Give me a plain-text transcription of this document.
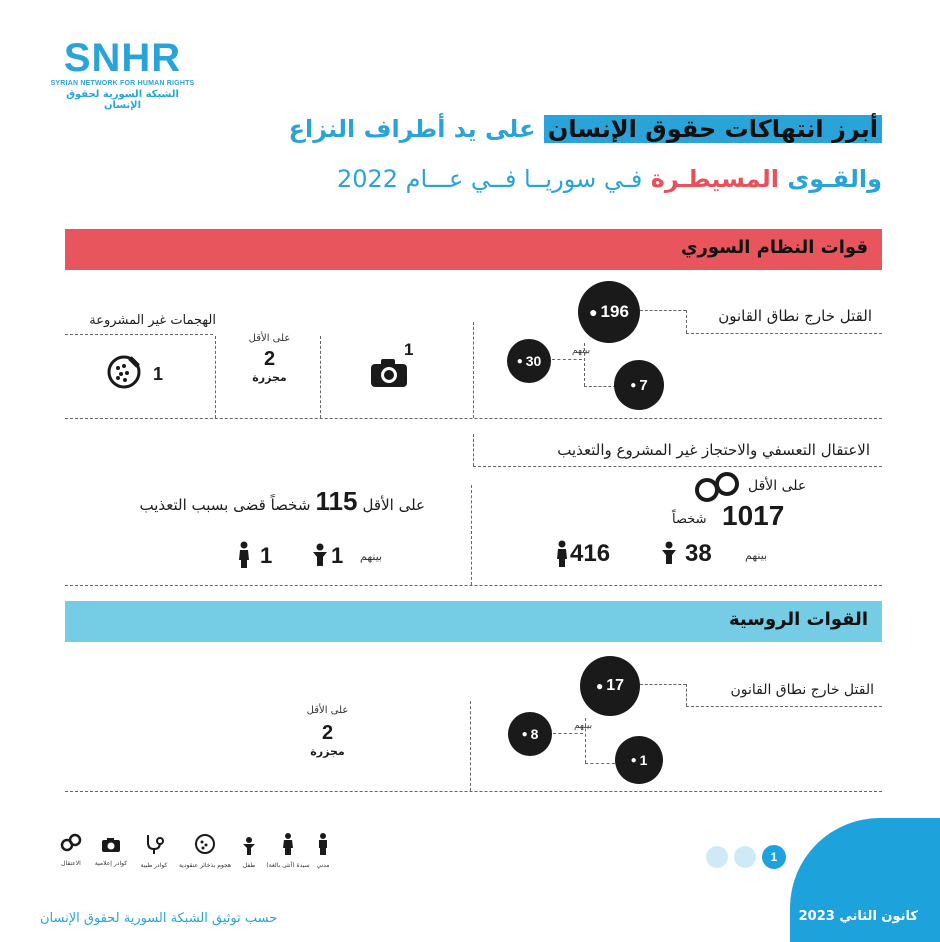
SNHR
SYRIAN NETWORK FOR HUMAN RIGHTS
الشبكة السورية لحقوق الإنسان
أبرز انتهاكات حقوق الإنسان على يد أطراف النزاع
والقـوى المسيطـرة فـي سوريــا فــي عـــام 2022
قوات النظام السوري
القتل خارج نطاق القانون
● 196
بينهم
● 30
● 7
1
على الأقل
2
مجزرة
الهجمات غير المشروعة
1
الاعتقال التعسفي والاحتجاز غير المشروع والتعذيب
على الأقل
1017
شخصاً
بينهم
38
416
على الأقل 115 شخصاً قضى بسبب التعذيب
بينهم
1
1
القوات الروسية
القتل خارج نطاق القانون
● 17
بينهم
● 8
● 1
على الأقل
2
مجزرة
مدني
سيدة (أنثى بالغة)
طفل
هجوم بذخائر عنقودية
كوادر طبية
كوادر إعلامية
الاعتقال
حسب توثيق الشبكة السورية لحقوق الإنسان
1
كانون الثاني 2023
